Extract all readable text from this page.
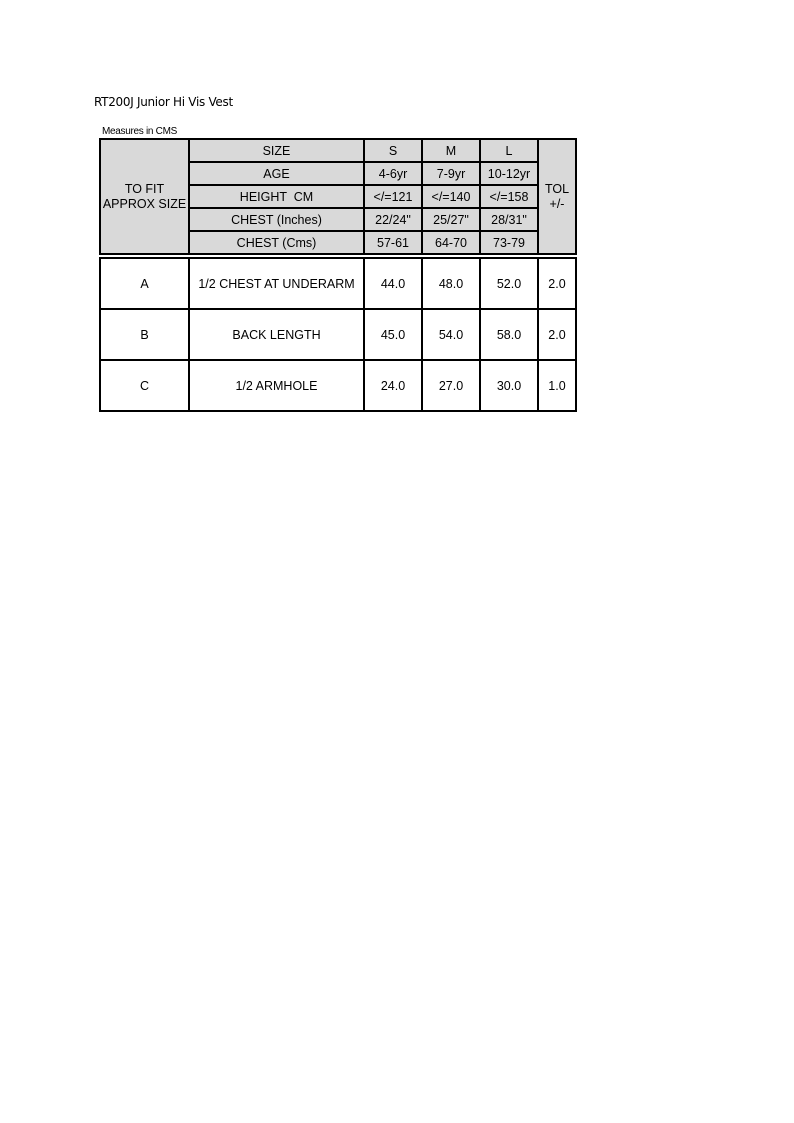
RT200J Junior Hi Vis Vest
Measures in CMS
TO FIT
APPROX SIZE	SIZE	S	M	L	TOL
+/-
	AGE	4-6yr	7-9yr	10-12yr	
	HEIGHT  CM	</=121	</=140	</=158	
	CHEST (Inches)	22/24"	25/27"	28/31"	
	CHEST (Cms)	57-61	64-70	73-79	
A	1/2 CHEST AT UNDERARM	44.0	48.0	52.0	2.0
B	BACK LENGTH	45.0	54.0	58.0	2.0
C	1/2 ARMHOLE	24.0	27.0	30.0	1.0
